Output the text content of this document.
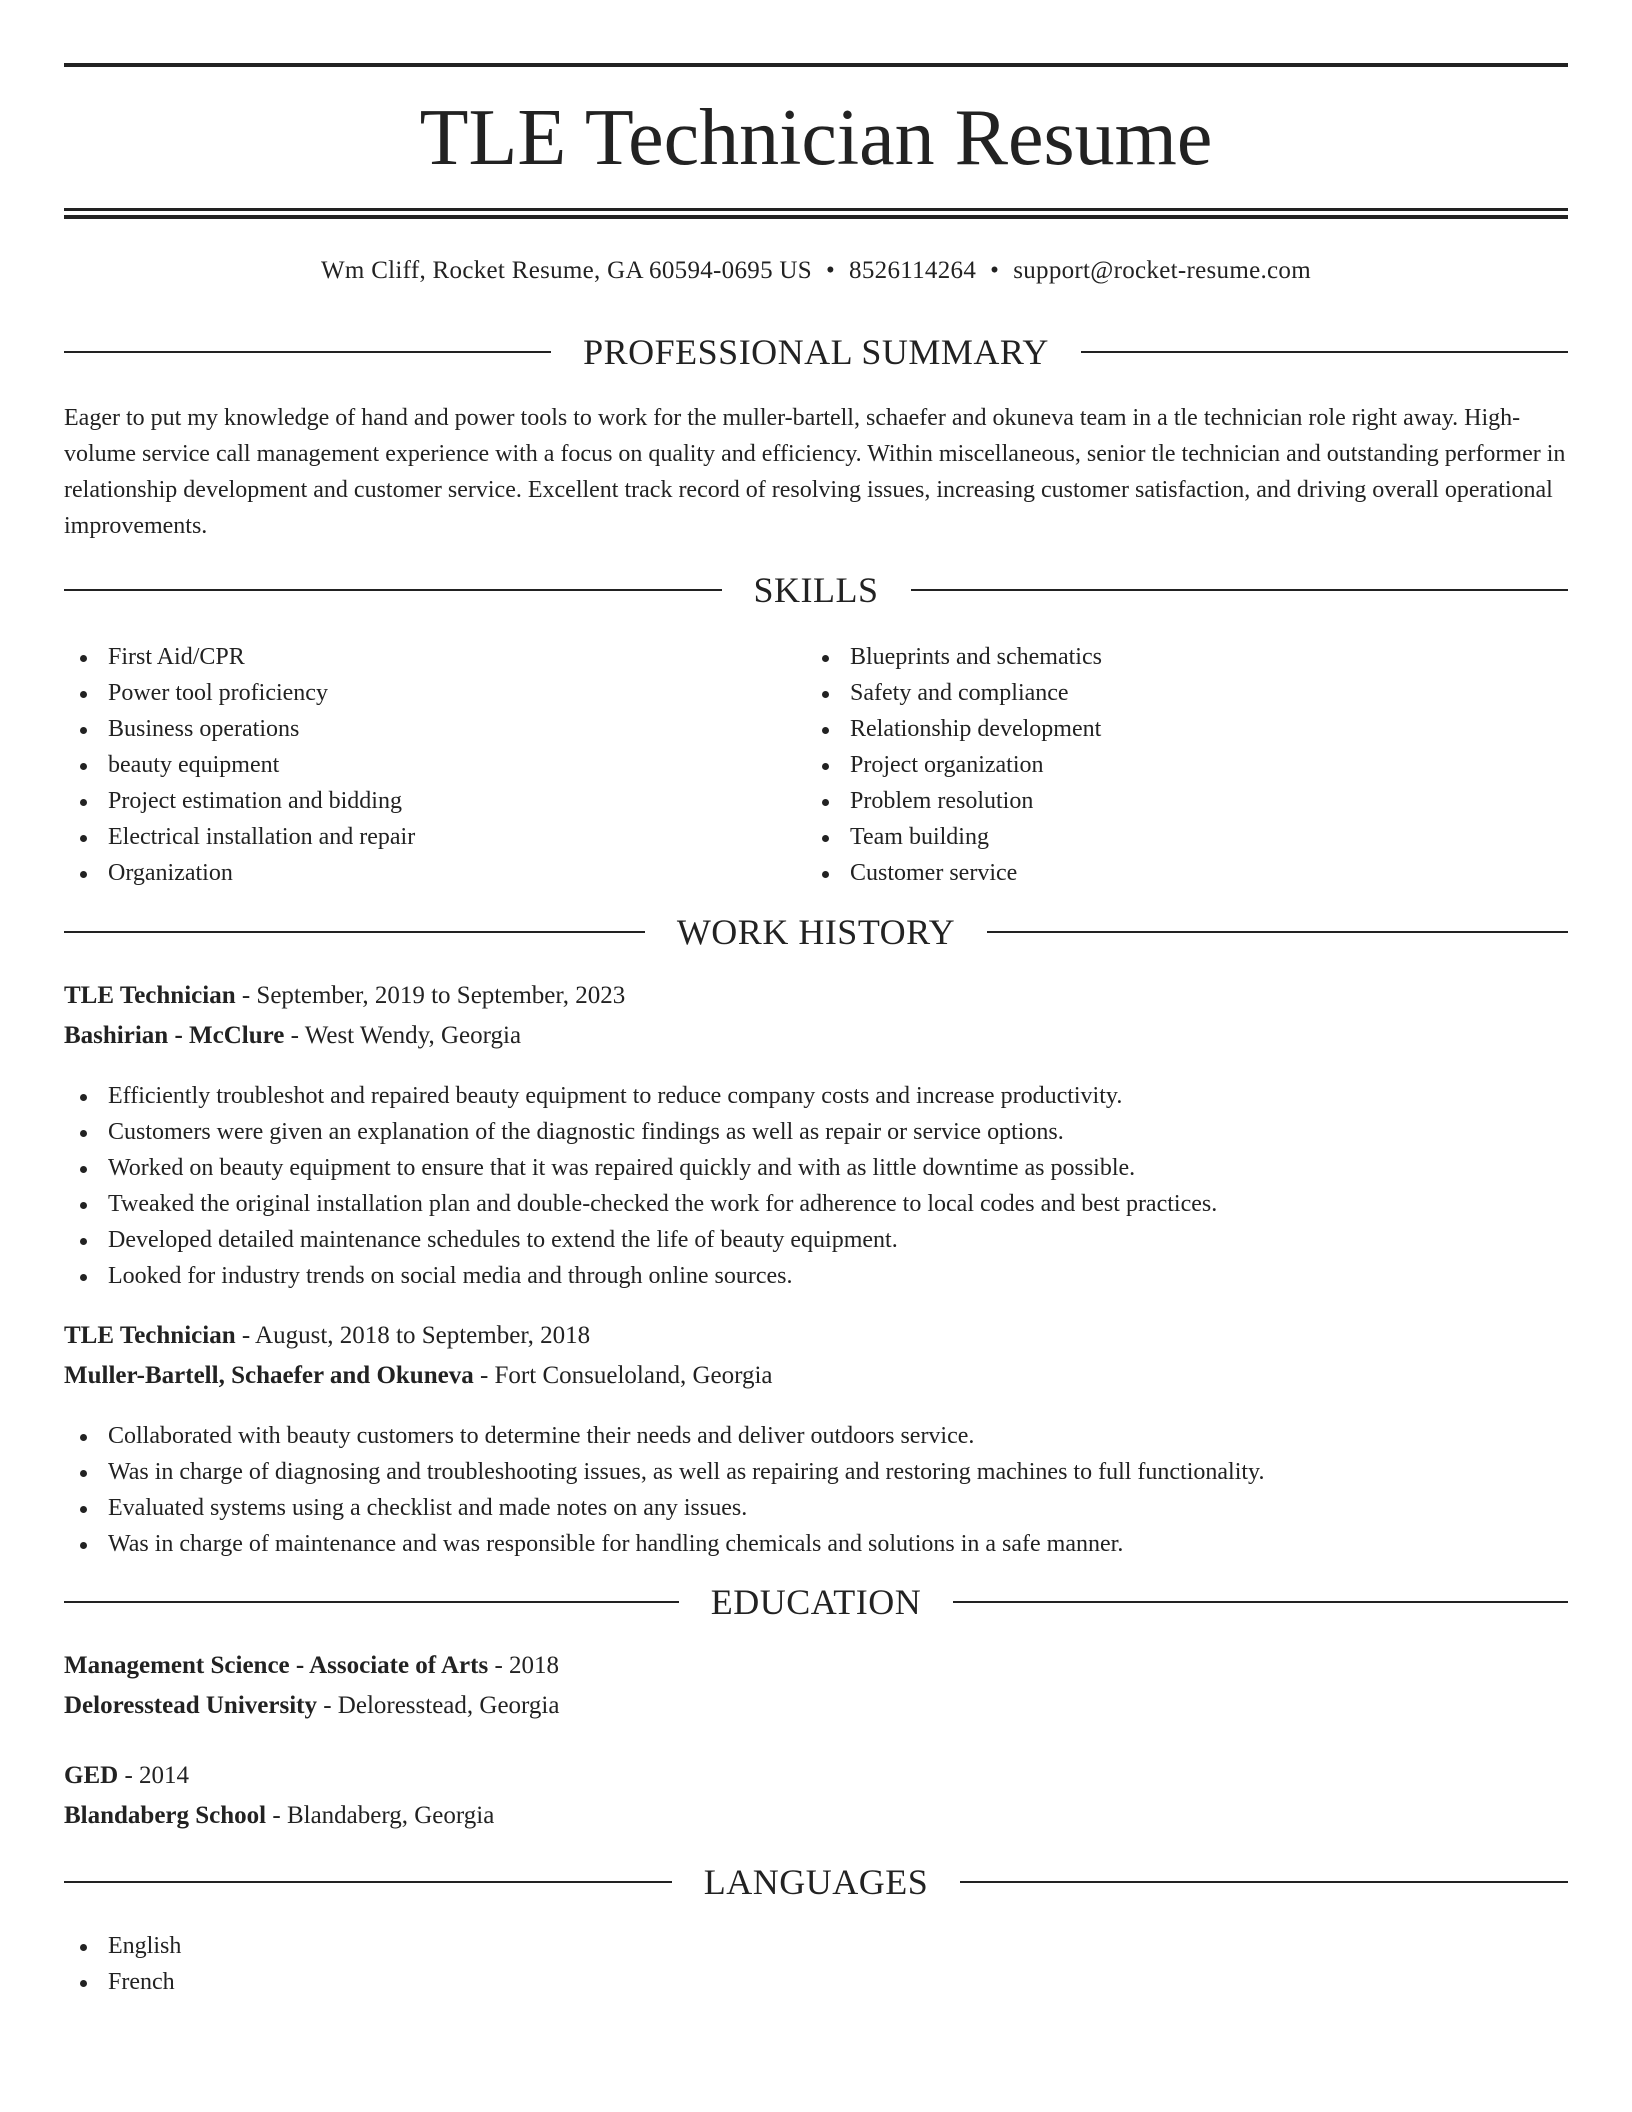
TLE Technician Resume
Wm Cliff, Rocket Resume, GA 60594-0695 US • 8526114264 • support@rocket-resume.com
PROFESSIONAL SUMMARY

Eager to put my knowledge of hand and power tools to work for the muller-bartell, schaefer and okuneva team in a tle technician role right away. High-volume service call management experience with a focus on quality and efficiency. Within miscellaneous, senior tle technician and outstanding performer in relationship development and customer service. Excellent track record of resolving issues, increasing customer satisfaction, and driving overall operational improvements.

SKILLS
First Aid/CPR
Power tool proficiency
Business operations
beauty equipment
Project estimation and bidding
Electrical installation and repair
Organization
Blueprints and schematics
Safety and compliance
Relationship development
Project organization
Problem resolution
Team building
Customer service
WORK HISTORY
TLE Technician - September, 2019 to September, 2023
Bashirian - McClure - West Wendy, Georgia
Efficiently troubleshot and repaired beauty equipment to reduce company costs and increase productivity.
Customers were given an explanation of the diagnostic findings as well as repair or service options.
Worked on beauty equipment to ensure that it was repaired quickly and with as little downtime as possible.
Tweaked the original installation plan and double-checked the work for adherence to local codes and best practices.
Developed detailed maintenance schedules to extend the life of beauty equipment.
Looked for industry trends on social media and through online sources.
TLE Technician - August, 2018 to September, 2018
Muller-Bartell, Schaefer and Okuneva - Fort Consueloland, Georgia
Collaborated with beauty customers to determine their needs and deliver outdoors service.
Was in charge of diagnosing and troubleshooting issues, as well as repairing and restoring machines to full functionality.
Evaluated systems using a checklist and made notes on any issues.
Was in charge of maintenance and was responsible for handling chemicals and solutions in a safe manner.
EDUCATION
Management Science - Associate of Arts - 2018
Deloresstead University - Deloresstead, Georgia
GED - 2014
Blandaberg School - Blandaberg, Georgia
LANGUAGES
English
French
